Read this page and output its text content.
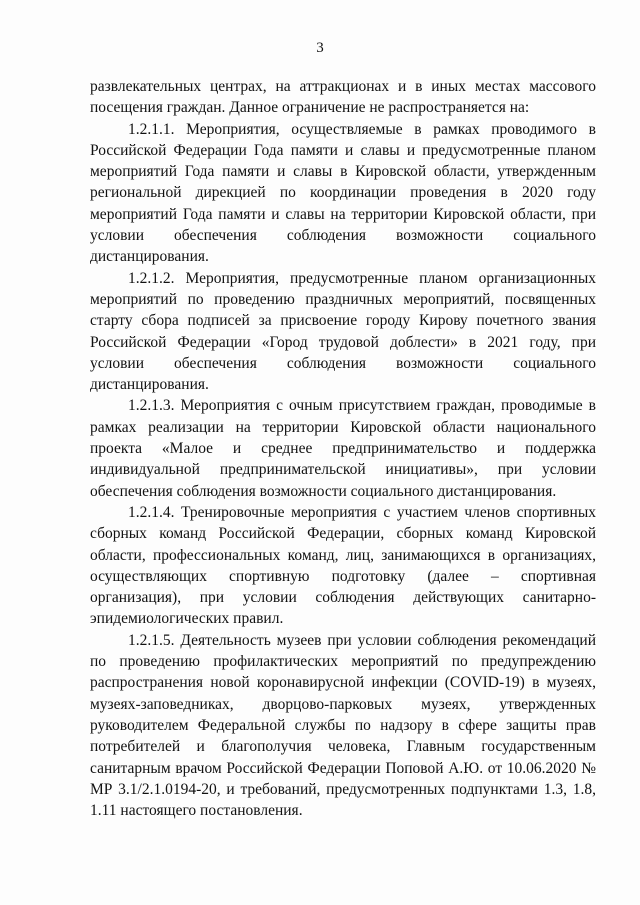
3

развлекательных центрах, на аттракционах и в иных местах массового посещения граждан. Данное ограничение не распространяется на:

1.2.1.1. Мероприятия, осуществляемые в рамках проводимого в Российской Федерации Года памяти и славы и предусмотренные планом мероприятий Года памяти и славы в Кировской области, утвержденным региональной дирекцией по координации проведения в 2020 году мероприятий Года памяти и славы на территории Кировской области, при условии обеспечения соблюдения возможности социального дистанцирования.

1.2.1.2. Мероприятия, предусмотренные планом организационных мероприятий по проведению праздничных мероприятий, посвященных старту сбора подписей за присвоение городу Кирову почетного звания Российской Федерации «Город трудовой доблести» в 2021 году, при условии обеспечения соблюдения возможности социального дистанцирования.

1.2.1.3. Мероприятия с очным присутствием граждан, проводимые в рамках реализации на территории Кировской области национального проекта «Малое и среднее предпринимательство и поддержка индивидуальной предпринимательской инициативы», при условии обеспечения соблюдения возможности социального дистанцирования.

1.2.1.4. Тренировочные мероприятия с участием членов спортивных сборных команд Российской Федерации, сборных команд Кировской области, профессиональных команд, лиц, занимающихся в организациях, осуществляющих спортивную подготовку (далее – спортивная организация), при условии соблюдения действующих санитарно-эпидемиологических правил.

1.2.1.5. Деятельность музеев при условии соблюдения рекомендаций по проведению профилактических мероприятий по предупреждению распространения новой коронавирусной инфекции (COVID-19) в музеях, музеях-заповедниках, дворцово-парковых музеях, утвержденных руководителем Федеральной службы по надзору в сфере защиты прав потребителей и благополучия человека, Главным государственным санитарным врачом Российской Федерации Поповой А.Ю. от 10.06.2020 № МР 3.1/2.1.0194-20, и требований, предусмотренных подпунктами 1.3, 1.8, 1.11 настоящего постановления.
